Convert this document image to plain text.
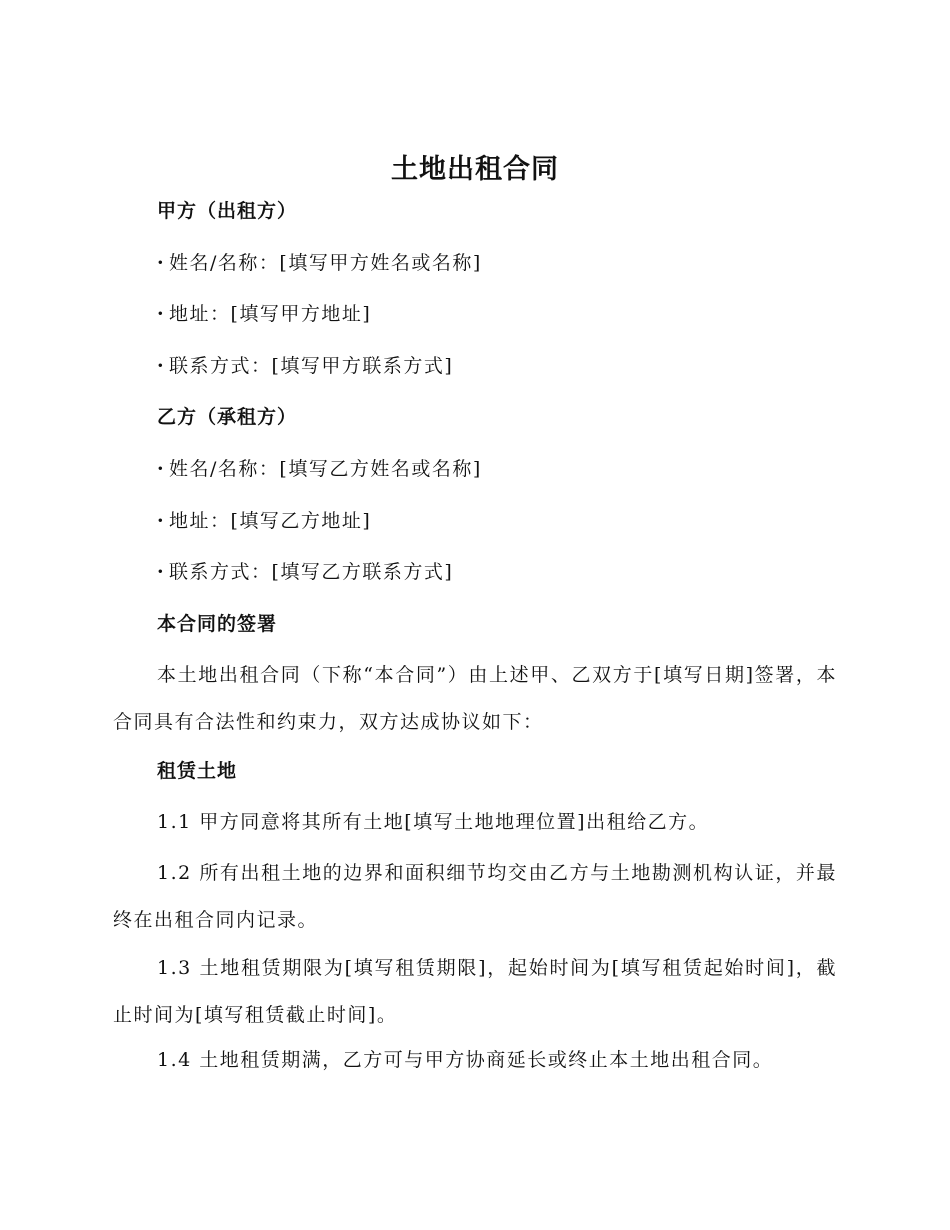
土地出租合同
甲方（出租方）
· 姓名/名称：[填写甲方姓名或名称]
· 地址：[填写甲方地址]
· 联系方式：[填写甲方联系方式]
乙方（承租方）
· 姓名/名称：[填写乙方姓名或名称]
· 地址：[填写乙方地址]
· 联系方式：[填写乙方联系方式]
本合同的签署
本土地出租合同（下称“本合同”）由上述甲、乙双方于[填写日期]签署，本合同具有合法性和约束力，双方达成协议如下：
租赁土地
1.1 甲方同意将其所有土地[填写土地地理位置]出租给乙方。
1.2 所有出租土地的边界和面积细节均交由乙方与土地勘测机构认证，并最终在出租合同内记录。
1.3 土地租赁期限为[填写租赁期限]，起始时间为[填写租赁起始时间]，截止时间为[填写租赁截止时间]。
1.4 土地租赁期满，乙方可与甲方协商延长或终止本土地出租合同。
